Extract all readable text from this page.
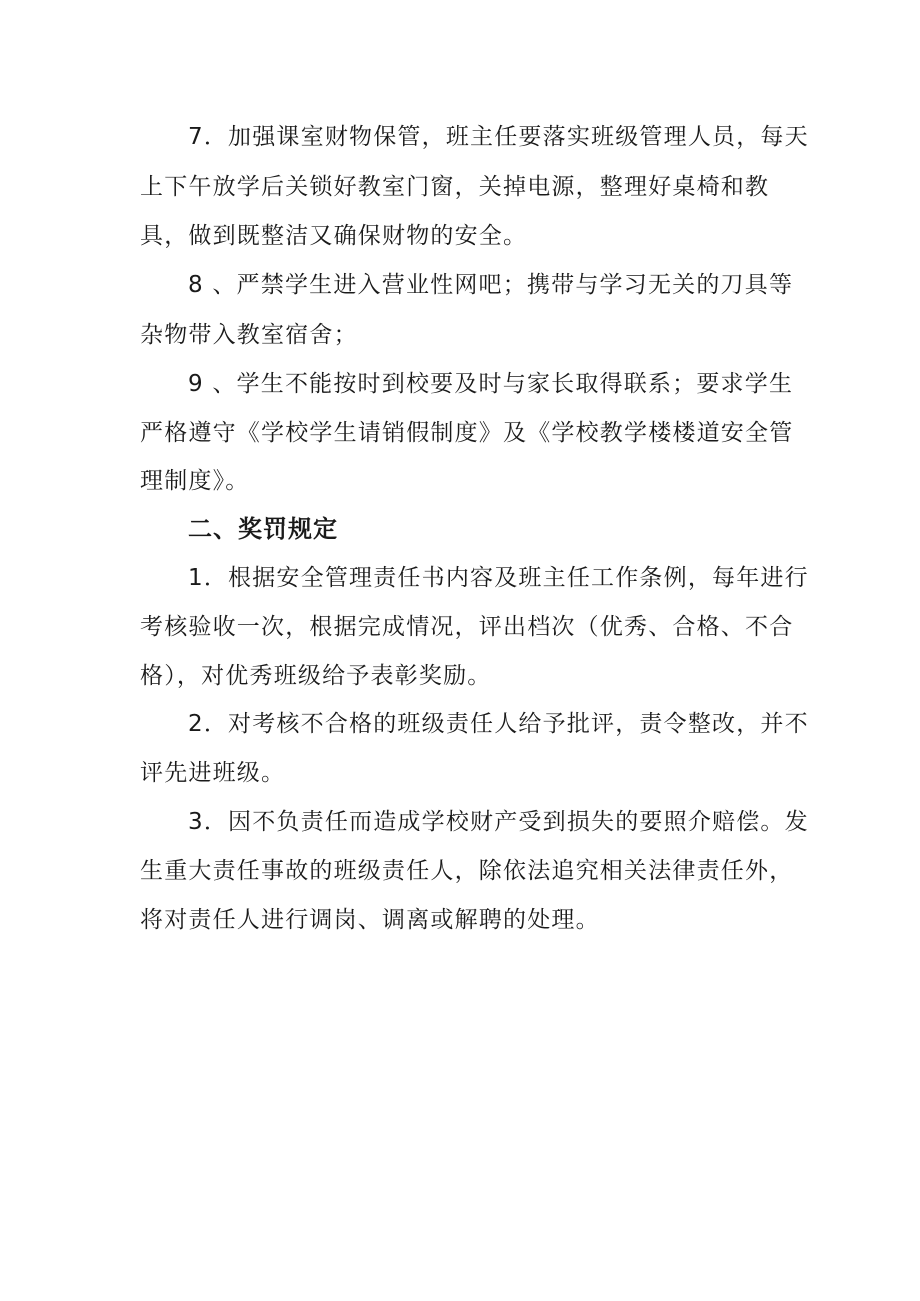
7．加强课室财物保管，班主任要落实班级管理人员，每天
上下午放学后关锁好教室门窗，关掉电源，整理好桌椅和教
具，做到既整洁又确保财物的安全。
8 、严禁学生进入营业性网吧；携带与学习无关的刀具等
杂物带入教室宿舍；
9 、学生不能按时到校要及时与家长取得联系；要求学生
严格遵守《学校学生请销假制度》及《学校教学楼楼道安全管
理制度》。
二、奖罚规定
1．根据安全管理责任书内容及班主任工作条例，每年进行
考核验收一次，根据完成情况，评出档次（优秀、合格、不合
格），对优秀班级给予表彰奖励。
2．对考核不合格的班级责任人给予批评，责令整改，并不
评先进班级。
3．因不负责任而造成学校财产受到损失的要照介赔偿。发
生重大责任事故的班级责任人，除依法追究相关法律责任外，
将对责任人进行调岗、调离或解聘的处理。
